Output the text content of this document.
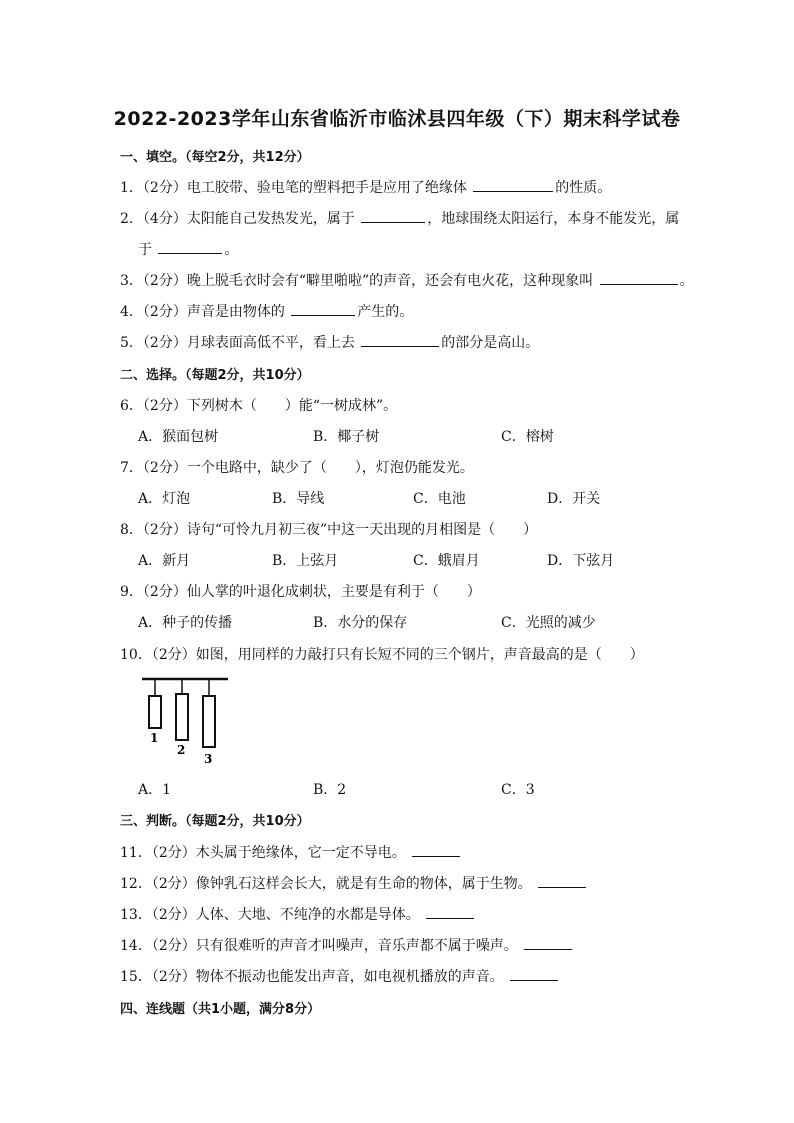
2022-2023学年山东省临沂市临沭县四年级（下）期末科学试卷
一、填空。（每空2分，共12分）
1．（2分）电工胶带、验电笔的塑料把手是应用了绝缘体	的性质。
2．（4分）太阳能自己发热发光，属于	，地球围绕太阳运行，本身不能发光，属
于	。
3．（2分）晚上脱毛衣时会有“噼里啪啦”的声音，还会有电火花，这种现象叫	。
4．（2分）声音是由物体的	产生的。
5．（2分）月球表面高低不平，看上去	的部分是高山。
二、选择。（每题2分，共10分）
6．（2分）下列树木（　　）能“一树成林”。
A．猴面包树	B．椰子树	C．榕树
7．（2分）一个电路中，缺少了（　　），灯泡仍能发光。
A．灯泡	B．导线	C．电池	D．开关
8．（2分）诗句“可怜九月初三夜”中这一天出现的月相图是（　　）
A．新月	B．上弦月	C．蛾眉月	D．下弦月
9．（2分）仙人掌的叶退化成刺状，主要是有利于（　　）
A．种子的传播	B．水分的保存	C．光照的减少
10．（2分）如图，用同样的力敲打只有长短不同的三个钢片，声音最高的是（　　）
1
2
3
A．1	B．2	C．3
三、判断。（每题2分，共10分）
11．（2分）木头属于绝缘体，它一定不导电。
12．（2分）像钟乳石这样会长大，就是有生命的物体，属于生物。
13．（2分）人体、大地、不纯净的水都是导体。
14．（2分）只有很难听的声音才叫噪声，音乐声都不属于噪声。
15．（2分）物体不振动也能发出声音，如电视机播放的声音。
四、连线题（共1小题，满分8分）
